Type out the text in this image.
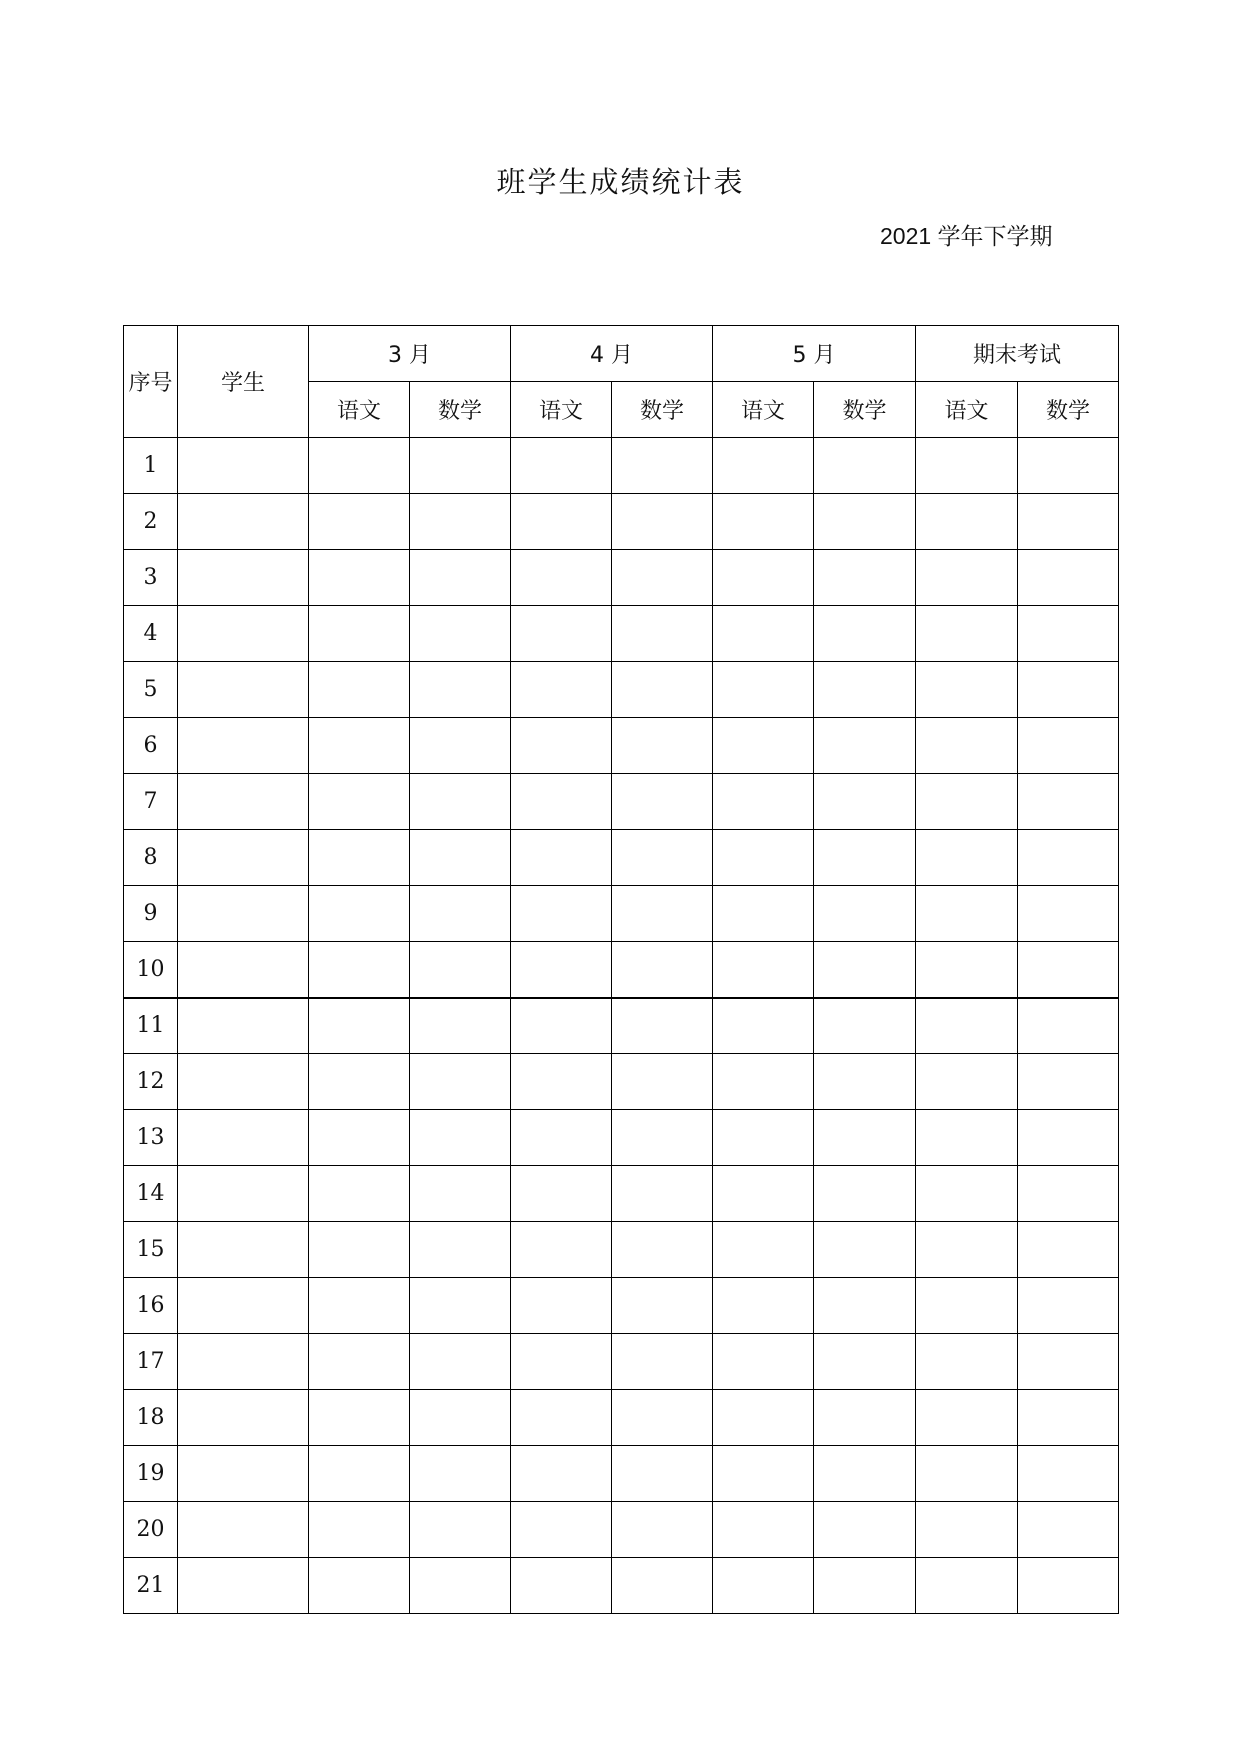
班学生成绩统计表
2021 学年下学期
序号	学生	3 月		4 月		5 月		期末考试	
		语文	数学	语文	数学	语文	数学	语文	数学
1									
2									
3									
4									
5									
6									
7									
8									
9									
10									
11									
12									
13									
14									
15									
16									
17									
18									
19									
20									
21									
